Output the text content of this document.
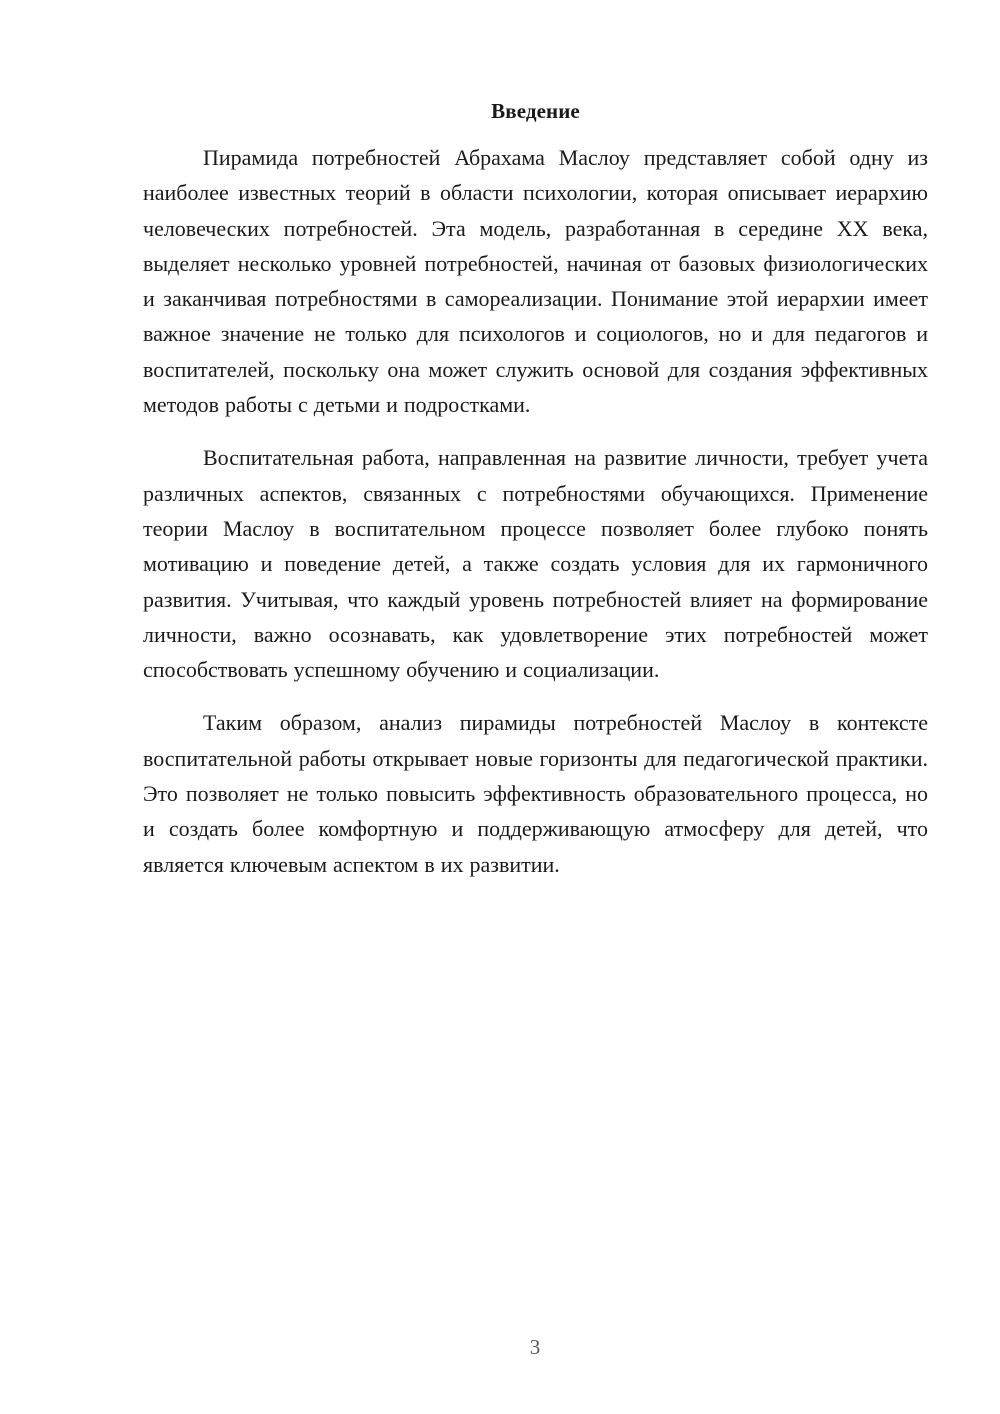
Введение

Пирамида потребностей Абрахама Маслоу представляет собой одну из наиболее известных теорий в области психологии, которая описывает иерархию человеческих потребностей. Эта модель, разработанная в середине XX века, выделяет несколько уровней потребностей, начиная от базовых физиологических и заканчивая потребностями в самореализации. Понимание этой иерархии имеет важное значение не только для психологов и социологов, но и для педагогов и воспитателей, поскольку она может служить основой для создания эффективных методов работы с детьми и подростками.

Воспитательная работа, направленная на развитие личности, требует учета различных аспектов, связанных с потребностями обучающихся. Применение теории Маслоу в воспитательном процессе позволяет более глубоко понять мотивацию и поведение детей, а также создать условия для их гармоничного развития. Учитывая, что каждый уровень потребностей влияет на формирование личности, важно осознавать, как удовлетворение этих потребностей может способствовать успешному обучению и социализации.

Таким образом, анализ пирамиды потребностей Маслоу в контексте воспитательной работы открывает новые горизонты для педагогической практики. Это позволяет не только повысить эффективность образовательного процесса, но и создать более комфортную и поддерживающую атмосферу для детей, что является ключевым аспектом в их развитии.

3
